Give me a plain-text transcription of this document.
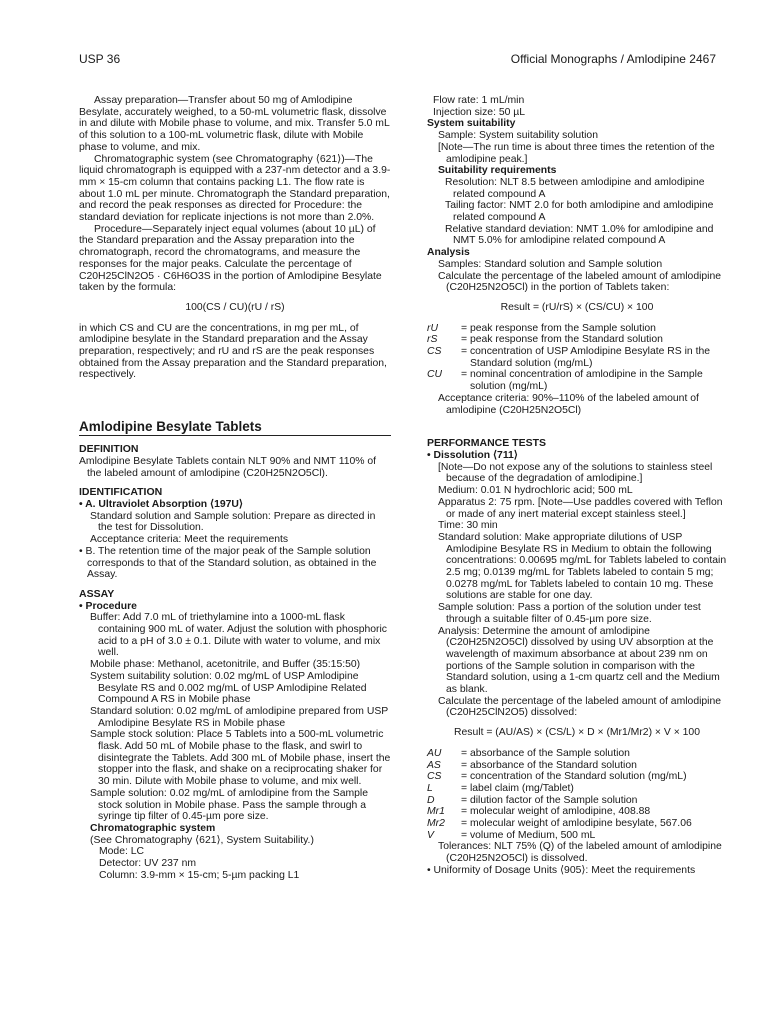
USP 36	Official Monographs / Amlodipine 2467

Assay preparation—Transfer about 50 mg of Amlodipine Besylate, accurately weighed, to a 50-mL volumetric flask, dissolve in and dilute with Mobile phase to volume, and mix. Transfer 5.0 mL of this solution to a 100-mL volumetric flask, dilute with Mobile phase to volume, and mix.

Chromatographic system (see Chromatography ⟨621⟩)—The liquid chromatograph is equipped with a 237-nm detector and a 3.9-mm × 15-cm column that contains packing L1. The flow rate is about 1.0 mL per minute. Chromatograph the Standard preparation, and record the peak responses as directed for Procedure: the standard deviation for replicate injections is not more than 2.0%.

Procedure—Separately inject equal volumes (about 10 µL) of the Standard preparation and the Assay preparation into the chromatograph, record the chromatograms, and measure the responses for the major peaks. Calculate the percentage of C20H25ClN2O5 · C6H6O3S in the portion of Amlodipine Besylate taken by the formula:

100(CS / CU)(rU / rS)

in which CS and CU are the concentrations, in mg per mL, of amlodipine besylate in the Standard preparation and the Assay preparation, respectively; and rU and rS are the peak responses obtained from the Assay preparation and the Standard preparation, respectively.

Amlodipine Besylate Tablets
DEFINITION

Amlodipine Besylate Tablets contain NLT 90% and NMT 110% of the labeled amount of amlodipine (C20H25N2O5Cl).

IDENTIFICATION

• A. Ultraviolet Absorption ⟨197U⟩

Standard solution and Sample solution: Prepare as directed in the test for Dissolution.

Acceptance criteria: Meet the requirements

• B. The retention time of the major peak of the Sample solution corresponds to that of the Standard solution, as obtained in the Assay.

ASSAY

• Procedure

Buffer: Add 7.0 mL of triethylamine into a 1000-mL flask containing 900 mL of water. Adjust the solution with phosphoric acid to a pH of 3.0 ± 0.1. Dilute with water to volume, and mix well.

Mobile phase: Methanol, acetonitrile, and Buffer (35:15:50)

System suitability solution: 0.02 mg/mL of USP Amlodipine Besylate RS and 0.002 mg/mL of USP Amlodipine Related Compound A RS in Mobile phase

Standard solution: 0.02 mg/mL of amlodipine prepared from USP Amlodipine Besylate RS in Mobile phase

Sample stock solution: Place 5 Tablets into a 500-mL volumetric flask. Add 50 mL of Mobile phase to the flask, and swirl to disintegrate the Tablets. Add 300 mL of Mobile phase, insert the stopper into the flask, and shake on a reciprocating shaker for 30 min. Dilute with Mobile phase to volume, and mix well.

Sample solution: 0.02 mg/mL of amlodipine from the Sample stock solution in Mobile phase. Pass the sample through a syringe tip filter of 0.45-µm pore size.

Chromatographic system

(See Chromatography ⟨621⟩, System Suitability.)

Mode: LC

Detector: UV 237 nm

Column: 3.9-mm × 15-cm; 5-µm packing L1

Flow rate: 1 mL/min

Injection size: 50 µL

System suitability

Sample: System suitability solution

[Note—The run time is about three times the retention of the amlodipine peak.]

Suitability requirements

Resolution: NLT 8.5 between amlodipine and amlodipine related compound A

Tailing factor: NMT 2.0 for both amlodipine and amlodipine related compound A

Relative standard deviation: NMT 1.0% for amlodipine and NMT 5.0% for amlodipine related compound A

Analysis

Samples: Standard solution and Sample solution

Calculate the percentage of the labeled amount of amlodipine (C20H25N2O5Cl) in the portion of Tablets taken:

Result = (rU/rS) × (CS/CU) × 100

rU	= peak response from the Sample solution
rS	= peak response from the Standard solution
CS	= concentration of USP Amlodipine Besylate RS in the Standard solution (mg/mL)
CU	= nominal concentration of amlodipine in the Sample solution (mg/mL)

Acceptance criteria: 90%–110% of the labeled amount of amlodipine (C20H25N2O5Cl)

PERFORMANCE TESTS

• Dissolution ⟨711⟩

[Note—Do not expose any of the solutions to stainless steel because of the degradation of amlodipine.]

Medium: 0.01 N hydrochloric acid; 500 mL

Apparatus 2: 75 rpm. [Note—Use paddles covered with Teflon or made of any inert material except stainless steel.]

Time: 30 min

Standard solution: Make appropriate dilutions of USP Amlodipine Besylate RS in Medium to obtain the following concentrations: 0.00695 mg/mL for Tablets labeled to contain 2.5 mg; 0.0139 mg/mL for Tablets labeled to contain 5 mg; 0.0278 mg/mL for Tablets labeled to contain 10 mg. These solutions are stable for one day.

Sample solution: Pass a portion of the solution under test through a suitable filter of 0.45-µm pore size.

Analysis: Determine the amount of amlodipine (C20H25N2O5Cl) dissolved by using UV absorption at the wavelength of maximum absorbance at about 239 nm on portions of the Sample solution in comparison with the Standard solution, using a 1-cm quartz cell and the Medium as blank.

Calculate the percentage of the labeled amount of amlodipine (C20H25ClN2O5) dissolved:

Result = (AU/AS) × (CS/L) × D × (Mr1/Mr2) × V × 100

AU	= absorbance of the Sample solution
AS	= absorbance of the Standard solution
CS	= concentration of the Standard solution (mg/mL)
L	= label claim (mg/Tablet)
D	= dilution factor of the Sample solution
Mr1	= molecular weight of amlodipine, 408.88
Mr2	= molecular weight of amlodipine besylate, 567.06
V	= volume of Medium, 500 mL

Tolerances: NLT 75% (Q) of the labeled amount of amlodipine (C20H25N2O5Cl) is dissolved.

• Uniformity of Dosage Units ⟨905⟩: Meet the requirements
